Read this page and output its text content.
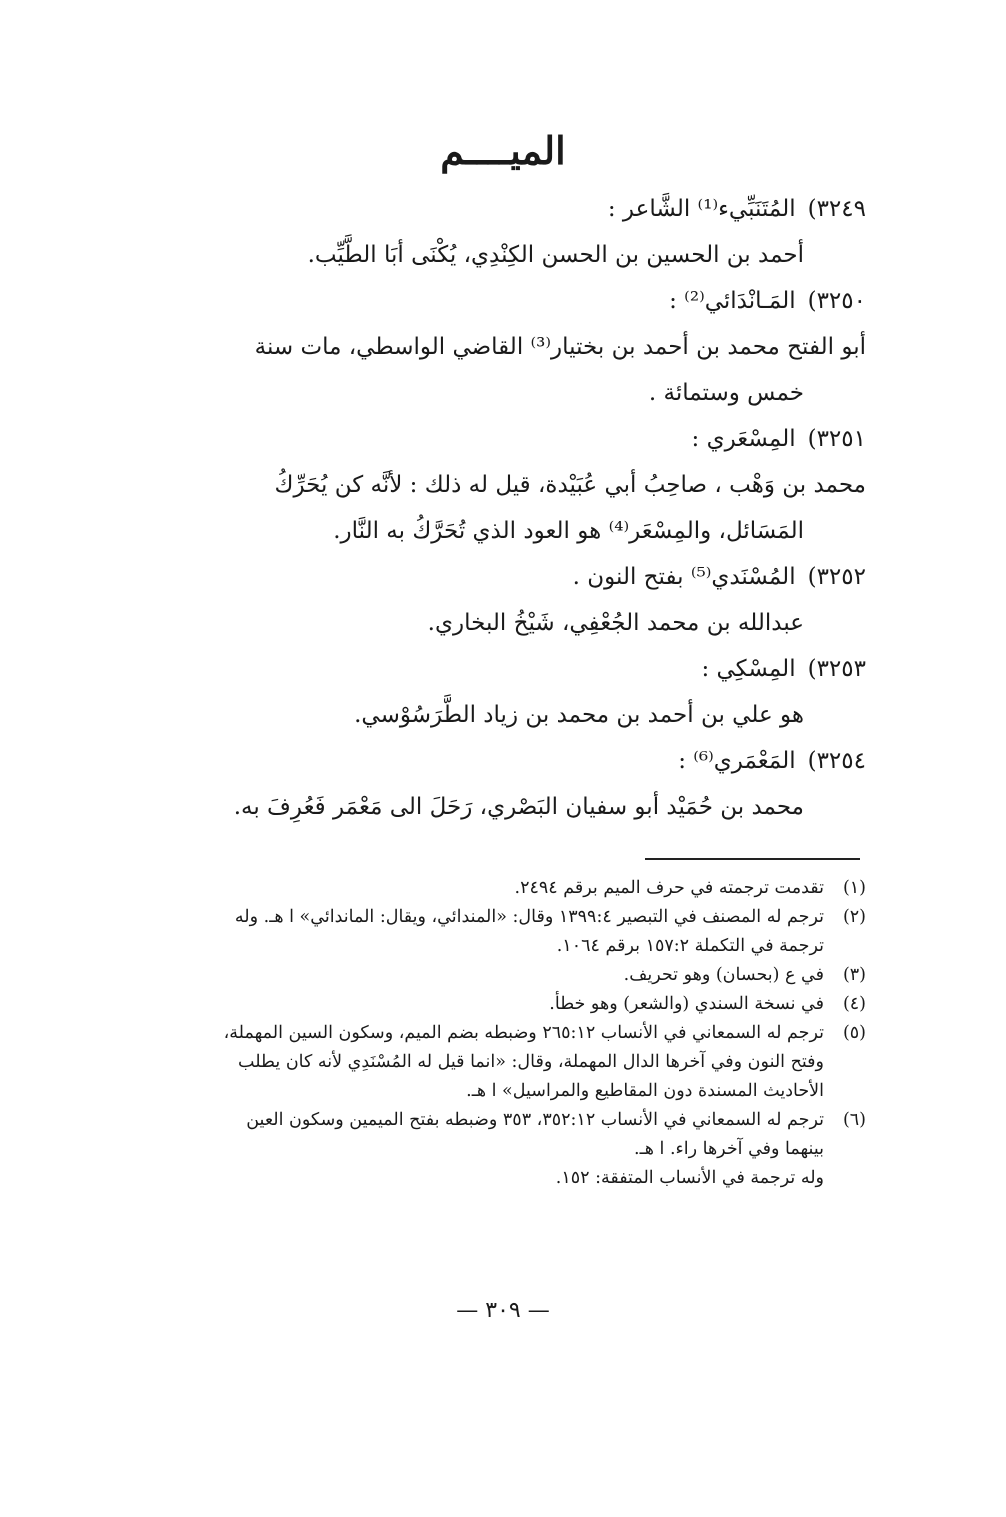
الميــــم
٣٢٤٩)المُتَنَبِّيء⁽¹⁾ الشَّاعر :
أحمد بن الحسين بن الحسن الكِنْدِي، يُكْنَى أبَا الطَّيِّب.
٣٢٥٠)المَـانْدَائي⁽²⁾ :
أبو الفتح محمد بن أحمد بن بختيار⁽³⁾ القاضي الواسطي، مات سنة
خمس وستمائة .
٣٢٥١)المِسْعَري :
محمد بن وَهْب ، صاحِبُ أبي عُبَيْدة، قيل له ذلك : لأنَّه كن يُحَرِّكُ
المَسَائل، والمِسْعَر⁽⁴⁾ هو العود الذي تُحَرَّكُ به النَّار.
٣٢٥٢)المُسْنَدي⁽⁵⁾ بفتح النون .
عبدالله بن محمد الجُعْفِي، شَيْخُ البخاري.
٣٢٥٣)المِسْكِي :
هو علي بن أحمد بن محمد بن زياد الطَّرَسُوْسي.
٣٢٥٤)المَعْمَري⁽⁶⁾ :
محمد بن حُمَيْد أبو سفيان البَصْري، رَحَلَ الى مَعْمَر فَعُرِفَ به.
(١)
تقدمت ترجمته في حرف الميم برقم ٢٤٩٤.
(٢)
ترجم له المصنف في التبصير ١٣٩٩:٤ وقال: «المندائي، ويقال: الماندائي» ا هـ. وله
ترجمة في التكملة ١٥٧:٢ برقم ١٠٦٤.
(٣)
في ع (بحسان) وهو تحريف.
(٤)
في نسخة السندي (والشعر) وهو خطأ.
(٥)
ترجم له السمعاني في الأنساب ٢٦٥:١٢ وضبطه بضم الميم، وسكون السين المهملة،
وفتح النون وفي آخرها الدال المهملة، وقال: «انما قيل له المُسْنَدِي لأنه كان يطلب
الأحاديث المسندة دون المقاطيع والمراسيل» ا هـ.
(٦)
ترجم له السمعاني في الأنساب ٣٥٢:١٢، ٣٥٣ وضبطه بفتح الميمين وسكون العين
بينهما وفي آخرها راء. ا هـ.
وله ترجمة في الأنساب المتفقة: ١٥٢.
— ٣٠٩ —
